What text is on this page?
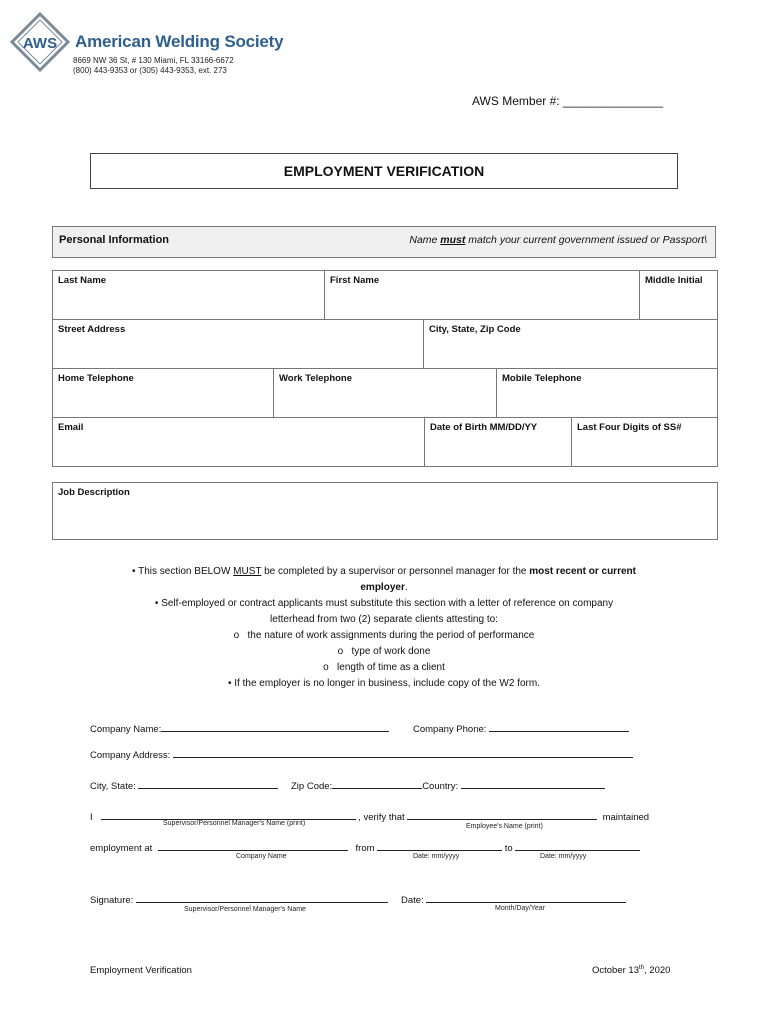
AWS American Welding Society
8669 NW 36 St, # 130 Miami, FL 33166-6672
(800) 443-9353 or (305) 443-9353, ext. 273
AWS Member #: _______________
EMPLOYMENT VERIFICATION
Personal Information	Name must match your current government issued or Passport\
Last Name	First Name	Middle Initial
Street Address	City, State, Zip Code
Home Telephone	Work Telephone	Mobile Telephone
Email	Date of Birth MM/DD/YY	Last Four Digits of SS#
Job Description
• This section BELOW MUST be completed by a supervisor or personnel manager for the most recent or current
employer.
• Self-employed or contract applicants must substitute this section with a letter of reference on company
letterhead from two (2) separate clients attesting to:
o   the nature of work assignments during the period of performance
o   type of work done
o   length of time as a client
• If the employer is no longer in business, include copy of the W2 form.
Company Name:	Company Phone:
Company Address:
City, State:	Zip Code:	Country:
I	, verify that	maintained
Supervisor/Personnel Manager's Name (print)	Employee's Name (print)
employment at	from	to
Company Name	Date: mm/yyyy	Date: mm/yyyy
Signature:	Date:
Supervisor/Personnel Manager's Name	Month/Day/Year
Employment Verification	October 13th, 2020
